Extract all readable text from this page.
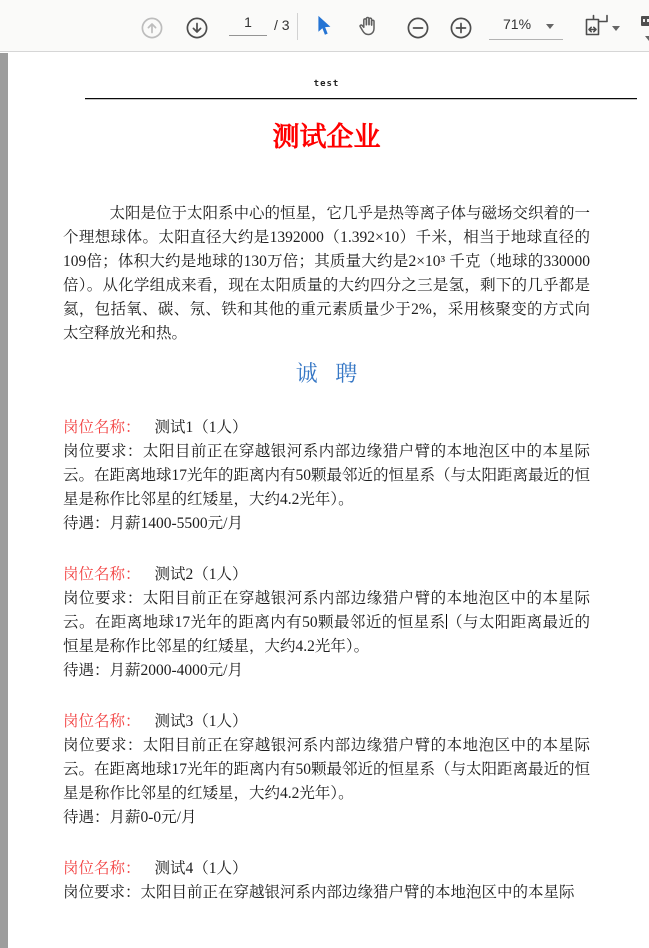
1	/ 3	71%
test
测试企业

太阳是位于太阳系中心的恒星，它几乎是热等离子体与磁场交织着的一个理想球体。太阳直径大约是1392000（1.392×10）千米，相当于地球直径的109倍；体积大约是地球的130万倍；其质量大约是2×10³ 千克（地球的330000倍）。从化学组成来看，现在太阳质量的大约四分之三是氢，剩下的几乎都是氦，包括氧、碳、氖、铁和其他的重元素质量少于2%，采用核聚变的方式向太空释放光和热。

诚 聘

岗位名称： 测试1（1人）

岗位要求：太阳目前正在穿越银河系内部边缘猎户臂的本地泡区中的本星际云。在距离地球17光年的距离内有50颗最邻近的恒星系（与太阳距离最近的恒星是称作比邻星的红矮星，大约4.2光年）。

待遇：月薪1400-5500元/月

岗位名称： 测试2（1人）

岗位要求：太阳目前正在穿越银河系内部边缘猎户臂的本地泡区中的本星际云。在距离地球17光年的距离内有50颗最邻近的恒星系（与太阳距离最近的恒星是称作比邻星的红矮星，大约4.2光年）。

待遇：月薪2000-4000元/月

岗位名称： 测试3（1人）

岗位要求：太阳目前正在穿越银河系内部边缘猎户臂的本地泡区中的本星际云。在距离地球17光年的距离内有50颗最邻近的恒星系（与太阳距离最近的恒星是称作比邻星的红矮星，大约4.2光年）。

待遇：月薪0-0元/月

岗位名称： 测试4（1人）

岗位要求：太阳目前正在穿越银河系内部边缘猎户臂的本地泡区中的本星际
